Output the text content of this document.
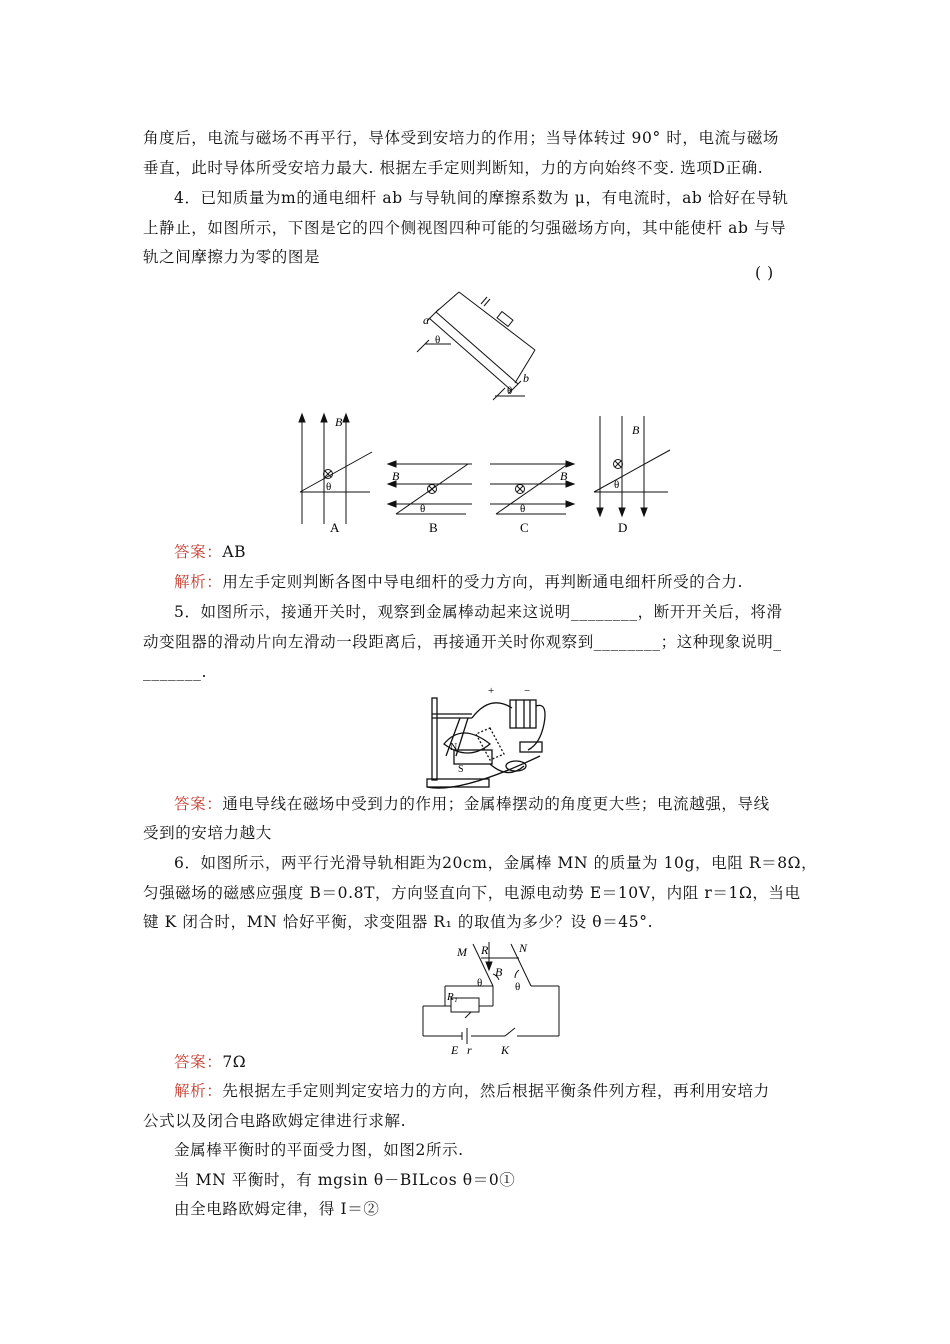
角度后，电流与磁场不再平行，导体受到安培力的作用；当导体转过 90° 时，电流与磁场
垂直，此时导体所受安培力最大. 根据左手定则判断知，力的方向始终不变. 选项D正确.
4．已知质量为m的通电细杆 ab 与导轨间的摩擦系数为 μ，有电流时，ab 恰好在导轨
上静止，如图所示，下图是它的四个侧视图四种可能的匀强磁场方向，其中能使杆 ab 与导
轨之间摩擦力为零的图是
( )
a
b
θ
θ
B
θ
A
B
θ
B
B
θ
C
B
θ
D
答案：AB
解析：用左手定则判断各图中导电细杆的受力方向，再判断通电细杆所受的合力.
5．如图所示，接通开关时，观察到金属棒动起来这说明________，断开开关后，将滑
动变阻器的滑动片向左滑动一段距离后，再接通开关时你观察到________；这种现象说明_
_______.
N
S
+	−
答案：通电导线在磁场中受到力的作用；金属棒摆动的角度更大些；电流越强，导线
受到的安培力越大
6．如图所示，两平行光滑导轨相距为20cm，金属棒 MN 的质量为 10g，电阻 R＝8Ω，
匀强磁场的磁感应强度 B＝0.8T，方向竖直向下，电源电动势 E＝10V，内阻 r＝1Ω，当电
键 K 闭合时，MN 恰好平衡，求变阻器 R₁ 的取值为多少？设 θ＝45°.
M	N
R
B
θ	θ
R₁
E r K
答案：7Ω
解析：先根据左手定则判定安培力的方向，然后根据平衡条件列方程，再利用安培力
公式以及闭合电路欧姆定律进行求解.
金属棒平衡时的平面受力图，如图2所示.
当 MN 平衡时，有 mgsin θ－BILcos θ＝0①
由全电路欧姆定律，得 I＝②
